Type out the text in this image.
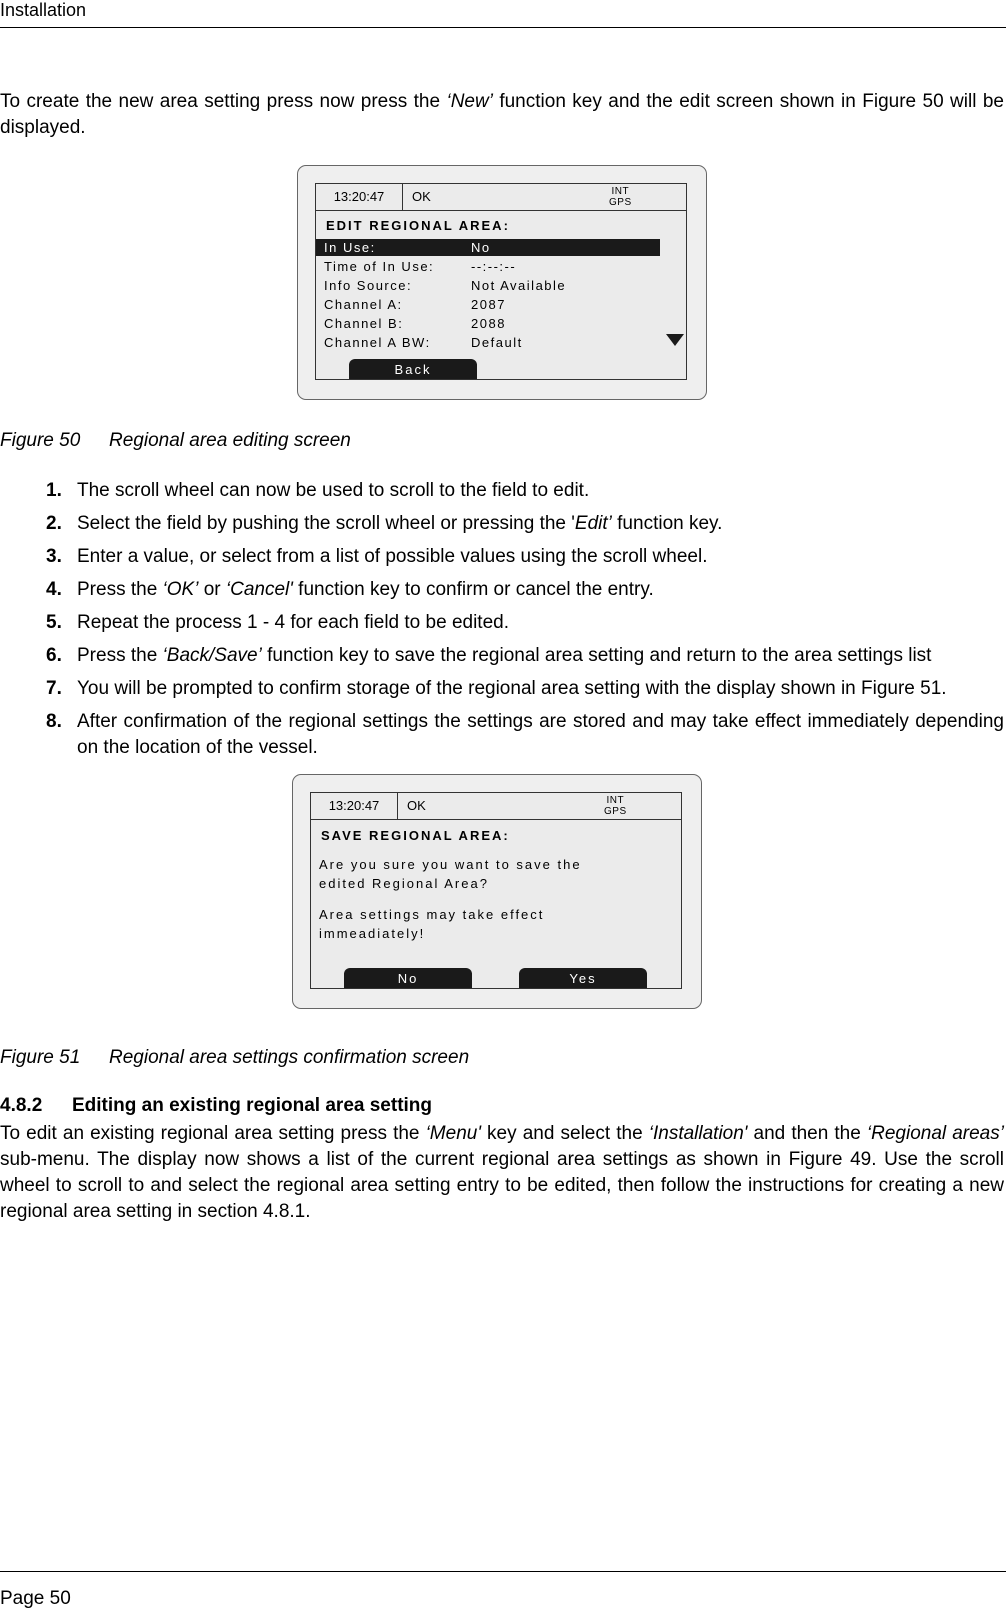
Installation

To create the new area setting press now press the ‘New’ function key and the edit screen shown in Figure 50 will be displayed.

13:20:47	OK	INT
GPS
EDIT REGIONAL AREA:
In Use:	No
Time of In Use:	--:--:--
Info Source:	Not Available
Channel A:	2087
Channel B:	2088
Channel A BW:	Default
Back
Figure 50 Regional area editing screen
1. The scroll wheel can now be used to scroll to the field to edit.
2. Select the field by pushing the scroll wheel or pressing the 'Edit’ function key.
3. Enter a value, or select from a list of possible values using the scroll wheel.
4. Press the ‘OK’ or ‘Cancel' function key to confirm or cancel the entry.
5. Repeat the process 1 - 4 for each field to be edited.
6. Press the ‘Back/Save’ function key to save the regional area setting and return to the area settings list
7. You will be prompted to confirm storage of the regional area setting with the display shown in Figure 51.
8. After confirmation of the regional settings the settings are stored and may take effect immediately depending on the location of the vessel.
13:20:47	OK	INT
GPS
SAVE REGIONAL AREA:
Are you sure you want to save the
edited Regional Area?
Area settings may take effect
immeadiately!
No	Yes
Figure 51 Regional area settings confirmation screen
4.8.2 Editing an existing regional area setting

To edit an existing regional area setting press the ‘Menu' key and select the ‘Installation' and then the ‘Regional areas’ sub-menu. The display now shows a list of the current regional area settings as shown in Figure 49. Use the scroll wheel to scroll to and select the regional area setting entry to be edited, then follow the instructions for creating a new regional area setting in section 4.8.1.

Page 50
